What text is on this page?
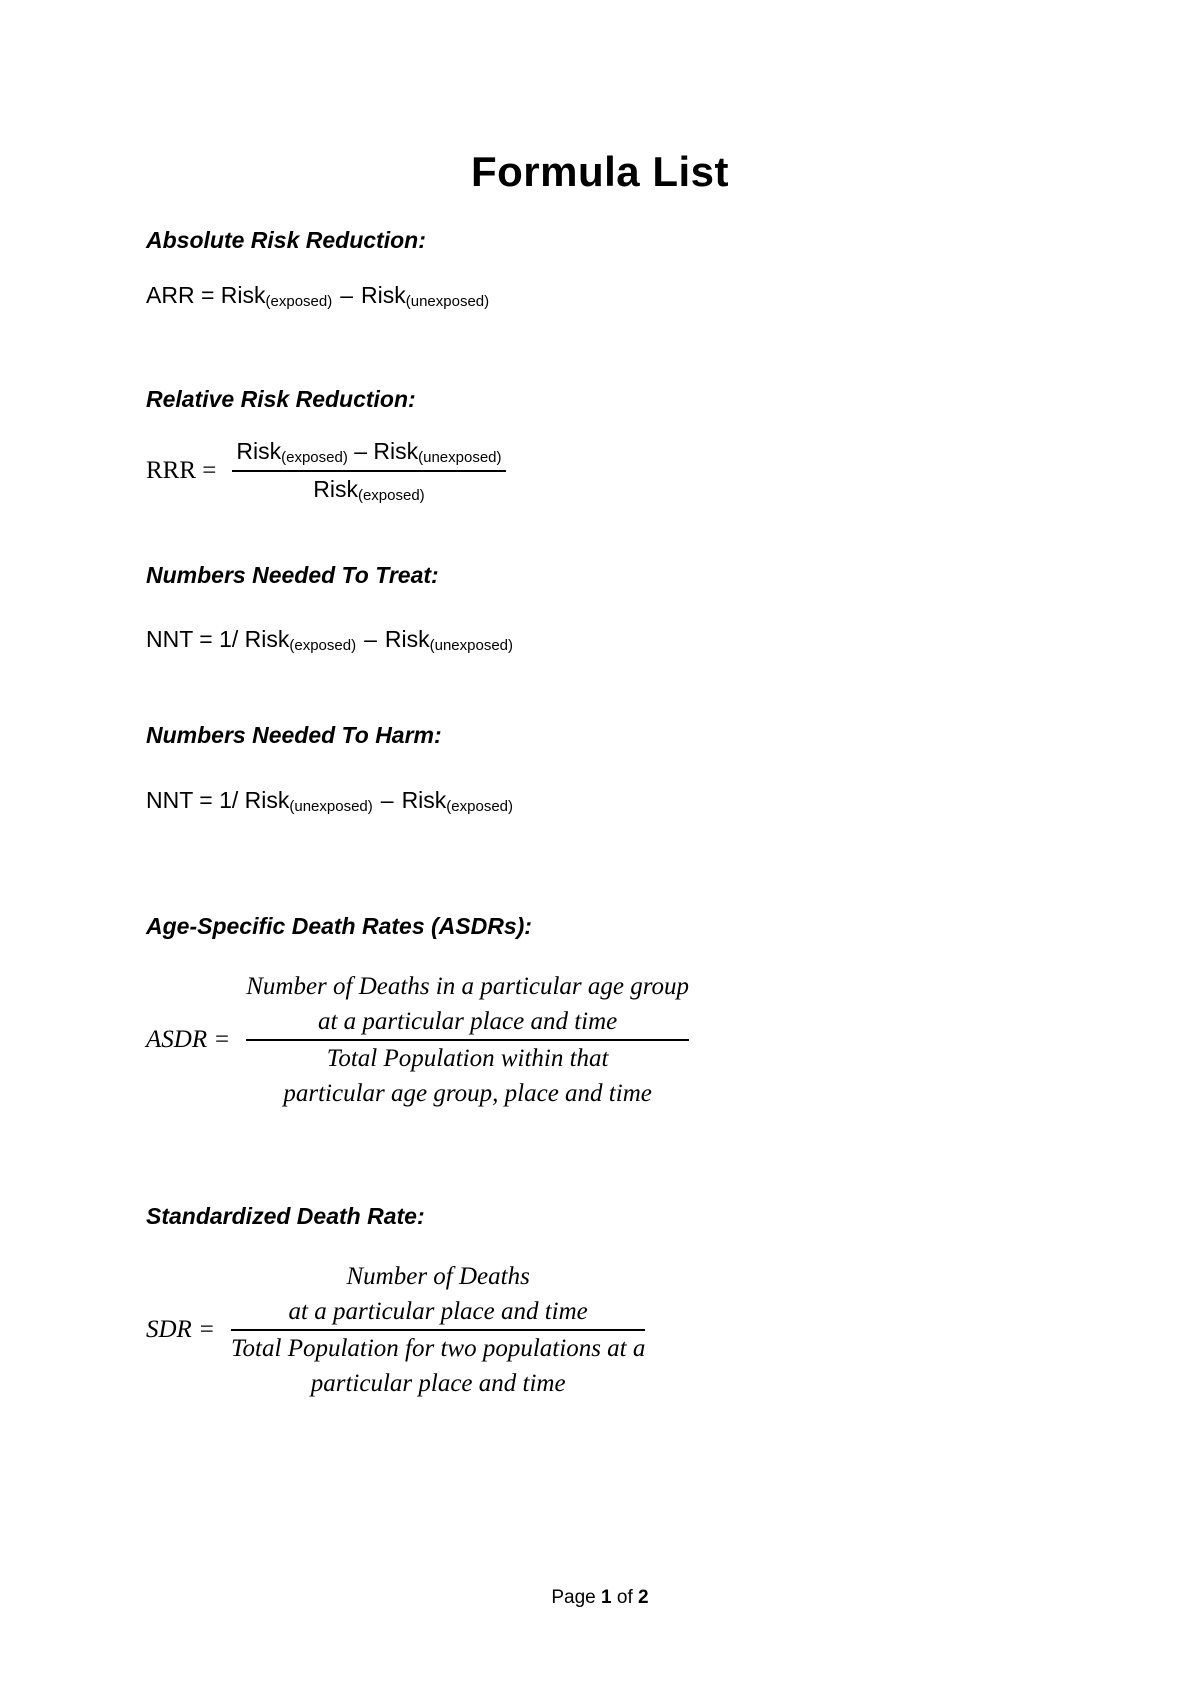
Formula List
Absolute Risk Reduction:
ARR = Risk$_{(exposed)}$ – Risk$_{(unexposed)}$
Relative Risk Reduction:
RRR = $\frac{Risk_{(exposed)} - Risk_{(unexposed)}}{Risk_{(exposed)}}$
Numbers Needed To Treat:
NNT = 1/ Risk$_{(exposed)}$ – Risk$_{(unexposed)}$
Numbers Needed To Harm:
NNT = 1/ Risk$_{(unexposed)}$ – Risk$_{(exposed)}$
Age-Specific Death Rates (ASDRs):
ASDR =
Number of Deaths in a particular age group
at a particular place and time
Total Population within that
particular age group, place and time
Standardized Death Rate:
SDR =
Number of Deaths
at a particular place and time
Total Population for two populations at a
particular place and time
Page 1 of 2
